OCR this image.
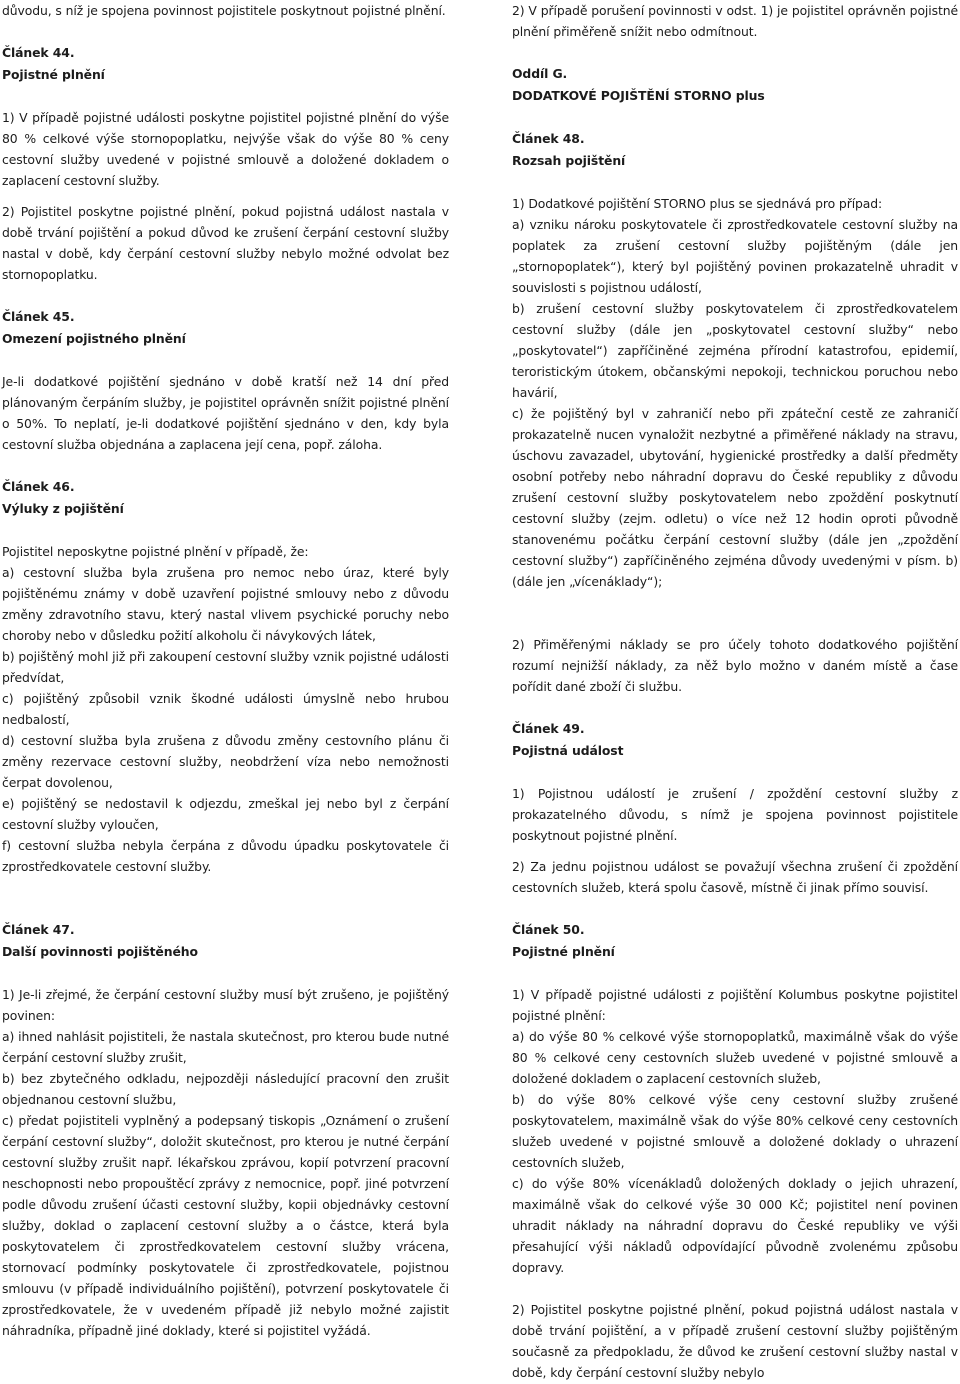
důvodu, s níž je spojena povinnost pojistitele poskytnout pojistné plnění.

Článek 44.

Pojistné plnění

1) V případě pojistné události poskytne pojistitel pojistné plnění do výše 80 % celkové výše stornopoplatku, nejvýše však do výše 80 % ceny cestovní služby uvedené v pojistné smlouvě a doložené dokladem o zaplacení cestovní služby.

2) Pojistitel poskytne pojistné plnění, pokud pojistná událost nastala v době trvání pojištění a pokud důvod ke zrušení čerpání cestovní služby nastal v době, kdy čerpání cestovní služby nebylo možné odvolat bez stornopoplatku.

Článek 45.

Omezení pojistného plnění

Je-li dodatkové pojištění sjednáno v době kratší než 14 dní před plánovaným čerpáním služby, je pojistitel oprávněn snížit pojistné plnění o 50%. To neplatí, je-li dodatkové pojištění sjednáno v den, kdy byla cestovní služba objednána a zaplacena její cena, popř. záloha.

Článek 46.

Výluky z pojištění

Pojistitel neposkytne pojistné plnění v případě, že:

a) cestovní služba byla zrušena pro nemoc nebo úraz, které byly pojištěnému známy v době uzavření pojistné smlouvy nebo z důvodu změny zdravotního stavu, který nastal vlivem psychické poruchy nebo choroby nebo v důsledku požití alkoholu či návykových látek,

b) pojištěný mohl již při zakoupení cestovní služby vznik pojistné události předvídat,

c) pojištěný způsobil vznik škodné události úmyslně nebo hrubou nedbalostí,

d) cestovní služba byla zrušena z důvodu změny cestovního plánu či změny rezervace cestovní služby, neobdržení víza nebo nemožnosti čerpat dovolenou,

e) pojištěný se nedostavil k odjezdu, zmeškal jej nebo byl z čerpání cestovní služby vyloučen,

f) cestovní služba nebyla čerpána z důvodu úpadku poskytovatele či zprostředkovatele cestovní služby.

Článek 47.

Další povinnosti pojištěného

1) Je-li zřejmé, že čerpání cestovní služby musí být zrušeno, je pojištěný povinen:

a) ihned nahlásit pojistiteli, že nastala skutečnost, pro kterou bude nutné čerpání cestovní služby zrušit,

b) bez zbytečného odkladu, nejpozději následující pracovní den zrušit objednanou cestovní službu,

c) předat pojistiteli vyplněný a podepsaný tiskopis „Oznámení o zrušení čerpání cestovní služby“, doložit skutečnost, pro kterou je nutné čerpání cestovní služby zrušit např. lékařskou zprávou, kopií potvrzení pracovní neschopnosti nebo propouštěcí zprávy z nemocnice, popř. jiné potvrzení podle důvodu zrušení účasti cestovní služby, kopii objednávky cestovní služby, doklad o zaplacení cestovní služby a o částce, která byla poskytovatelem či zprostředkovatelem cestovní služby vrácena, stornovací podmínky poskytovatele či zprostředkovatele, pojistnou smlouvu (v případě individuálního pojištění), potvrzení poskytovatele či zprostředkovatele, že v uvedeném případě již nebylo možné zajistit náhradníka, případně jiné doklady, které si pojistitel vyžádá.

2) V případě porušení povinnosti v odst. 1) je pojistitel oprávněn pojistné plnění přiměřeně snížit nebo odmítnout.

Oddíl G.

DODATKOVÉ POJIŠTĚNÍ STORNO plus

Článek 48.

Rozsah pojištění

1) Dodatkové pojištění STORNO plus se sjednává pro případ:

a) vzniku nároku poskytovatele či zprostředkovatele cestovní služby na poplatek za zrušení cestovní služby pojištěným (dále jen „stornopoplatek“), který byl pojištěný povinen prokazatelně uhradit v souvislosti s pojistnou událostí,

b) zrušení cestovní služby poskytovatelem či zprostředkovatelem cestovní služby (dále jen „poskytovatel cestovní služby“ nebo „poskytovatel“) zapříčiněné zejména přírodní katastrofou, epidemií, teroristickým útokem, občanskými nepokoji, technickou poruchou nebo havárií,

c) že pojištěný byl v zahraničí nebo při zpáteční cestě ze zahraničí prokazatelně nucen vynaložit nezbytné a přiměřené náklady na stravu, úschovu zavazadel, ubytování, hygienické prostředky a další předměty osobní potřeby nebo náhradní dopravu do České republiky z důvodu zrušení cestovní služby poskytovatelem nebo zpoždění poskytnutí cestovní služby (zejm. odletu) o více než 12 hodin oproti původně stanovenému počátku čerpání cestovní služby (dále jen „zpoždění cestovní služby“) zapříčiněného zejména důvody uvedenými v písm. b) (dále jen „vícenáklady“);

2) Přiměřenými náklady se pro účely tohoto dodatkového pojištění rozumí nejnižší náklady, za něž bylo možno v daném místě a čase pořídit dané zboží či službu.

Článek 49.

Pojistná událost

1) Pojistnou událostí je zrušení / zpoždění cestovní služby z prokazatelného důvodu, s nímž je spojena povinnost pojistitele poskytnout pojistné plnění.

2) Za jednu pojistnou událost se považují všechna zrušení či zpoždění cestovních služeb, která spolu časově, místně či jinak přímo souvisí.

Článek 50.

Pojistné plnění

1) V případě pojistné události z pojištění Kolumbus poskytne pojistitel pojistné plnění:

a) do výše 80 % celkové výše stornopoplatků, maximálně však do výše 80 % celkové ceny cestovních služeb uvedené v pojistné smlouvě a doložené dokladem o zaplacení cestovních služeb,

b) do výše 80% celkové výše ceny cestovní služby zrušené poskytovatelem, maximálně však do výše 80% celkové ceny cestovních služeb uvedené v pojistné smlouvě a doložené doklady o uhrazení cestovních služeb,

c) do výše 80% vícenákladů doložených doklady o jejich uhrazení, maximálně však do celkové výše 30 000 Kč; pojistitel není povinen uhradit náklady na náhradní dopravu do České republiky ve výši přesahující výši nákladů odpovídající původně zvolenému způsobu dopravy.

2) Pojistitel poskytne pojistné plnění, pokud pojistná událost nastala v době trvání pojištění, a v případě zrušení cestovní služby pojištěným současně za předpokladu, že důvod ke zrušení cestovní služby nastal v době, kdy čerpání cestovní služby nebylo
